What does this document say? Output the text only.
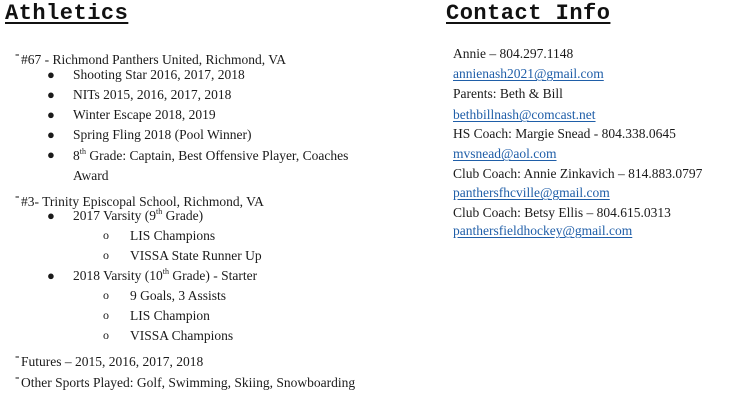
Athletics	Contact Info
- #67 - Richmond Panthers United, Richmond, VA
● Shooting Star 2016, 2017, 2018
● NITs 2015, 2016, 2017, 2018
● Winter Escape 2018, 2019
● Spring Fling 2018 (Pool Winner)
● 8th Grade: Captain, Best Offensive Player, Coaches
Award
- #3- Trinity Episcopal School, Richmond, VA
● 2017 Varsity (9th Grade)
o LIS Champions
o VISSA State Runner Up
● 2018 Varsity (10th Grade) - Starter
o 9 Goals, 3 Assists
o LIS Champion
o VISSA Champions
- Futures – 2015, 2016, 2017, 2018
- Other Sports Played: Golf, Swimming, Skiing, Snowboarding
Annie – 804.297.1148
annienash2021@gmail.com
Parents: Beth & Bill
bethbillnash@comcast.net
HS Coach: Margie Snead - 804.338.0645
mvsnead@aol.com
Club Coach: Annie Zinkavich – 814.883.0797
panthersfhcville@gmail.com
Club Coach: Betsy Ellis – 804.615.0313
panthersfieldhockey@gmail.com
